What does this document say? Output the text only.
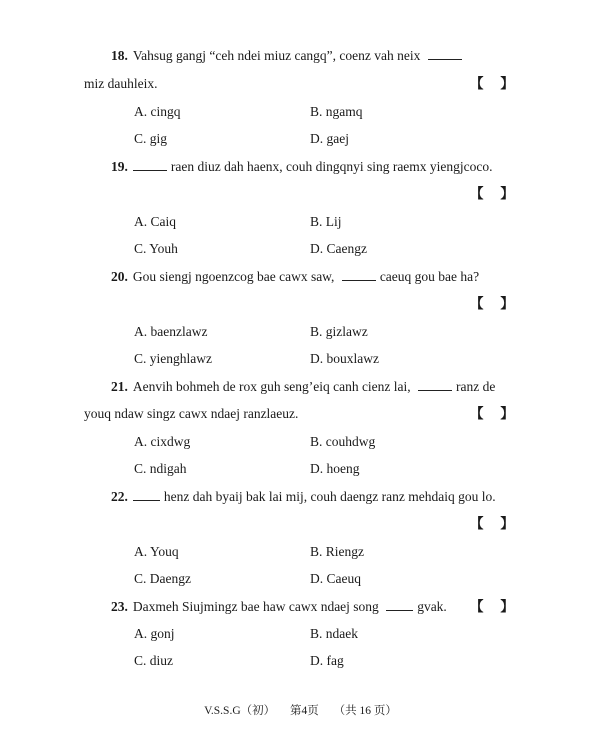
18. Vahsug gangj “ceh ndei miuz cangq”, coenz vah neix
miz dauhleix.	【     】
A. cingq	B. ngamq
C. gig	D. gaej
19.	raen diuz dah haenx, couh dingqnyi sing raemx yiengjcoco.
【     】
A. Caiq	B. Lij
C. Youh	D. Caengz
20. Gou siengj ngoenzcog bae cawx saw,	caeuq gou bae ha?
【     】
A. baenzlawz	B. gizlawz
C. yienghlawz	D. bouxlawz
21. Aenvih bohmeh de rox guh seng’eiq canh cienz lai,	ranz de
youq ndaw singz cawx ndaej ranzlaeuz.	【     】
A. cixdwg	B. couhdwg
C. ndigah	D. hoeng
22.	henz dah byaij bak lai mij, couh daengz ranz mehdaiq gou lo.
【     】
A. Youq	B. Riengz
C. Daengz	D. Caeuq
23. Daxmeh Siujmingz bae haw cawx ndaej song	gvak. 【     】
A. gonj	B. ndaek
C. diuz	D. fag
V.S.S.G（初） 第4页 （共 16 页）
